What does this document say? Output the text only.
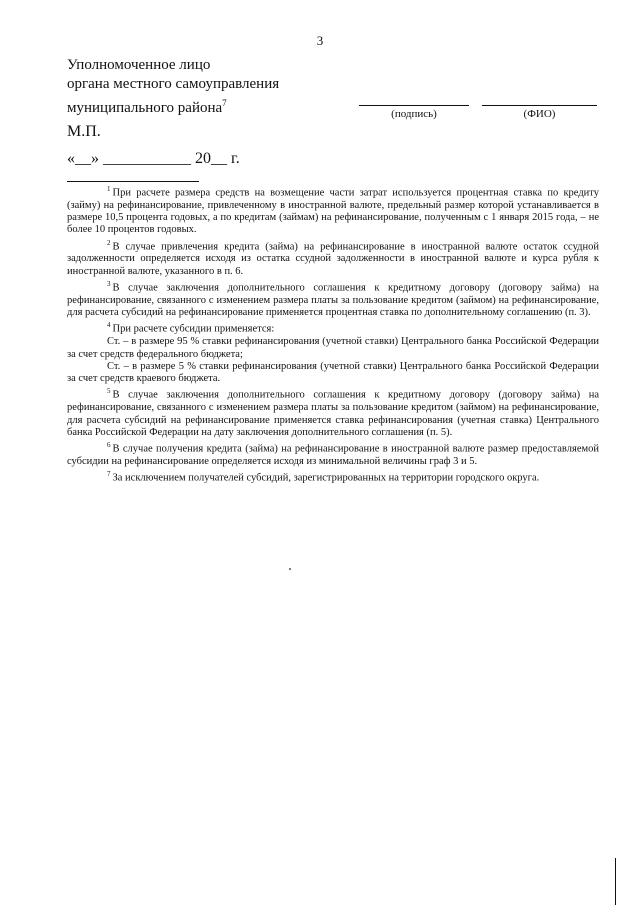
3
Уполномоченное лицо
органа местного самоуправления
муниципального района$^7$
(подпись)	(ФИО)
М.П.
«__» ___________ 20__ г.

$^1$ При расчете размера средств на возмещение части затрат используется процентная ставка по кредиту (займу) на рефинансирование, привлеченному в иностранной валюте, предельный размер которой устанавливается в размере 10,5 процента годовых, а по кредитам (займам) на рефинансирование, полученным с 1 января 2015 года, – не более 10 процентов годовых.

$^2$ В случае привлечения кредита (займа) на рефинансирование в иностранной валюте остаток ссудной задолженности определяется исходя из остатка ссудной задолженности в иностранной валюте и курса рубля к иностранной валюте, указанного в п. 6.

$^3$ В случае заключения дополнительного соглашения к кредитному договору (договору займа) на рефинансирование, связанного с изменением размера платы за пользование кредитом (займом) на рефинансирование, для расчета субсидий на рефинансирование применяется процентная ставка по дополнительному соглашению (п. 3).

$^4$ При расчете субсидии применяется:

Ст. – в размере 95 % ставки рефинансирования (учетной ставки) Центрального банка Российской Федерации за счет средств федерального бюджета;

Ст. – в размере 5 % ставки рефинансирования (учетной ставки) Центрального банка Российской Федерации за счет средств краевого бюджета.

$^5$ В случае заключения дополнительного соглашения к кредитному договору (договору займа) на рефинансирование, связанного с изменением размера платы за пользование кредитом (займом) на рефинансирование, для расчета субсидий на рефинансирование применяется ставка рефинансирования (учетная ставка) Центрального банка Российской Федерации на дату заключения дополнительного соглашения (п. 5).

$^6$ В случае получения кредита (займа) на рефинансирование в иностранной валюте размер предоставляемой субсидии на рефинансирование определяется исходя из минимальной величины граф 3 и 5.

$^7$ За исключением получателей субсидий, зарегистрированных на территории городского округа.
